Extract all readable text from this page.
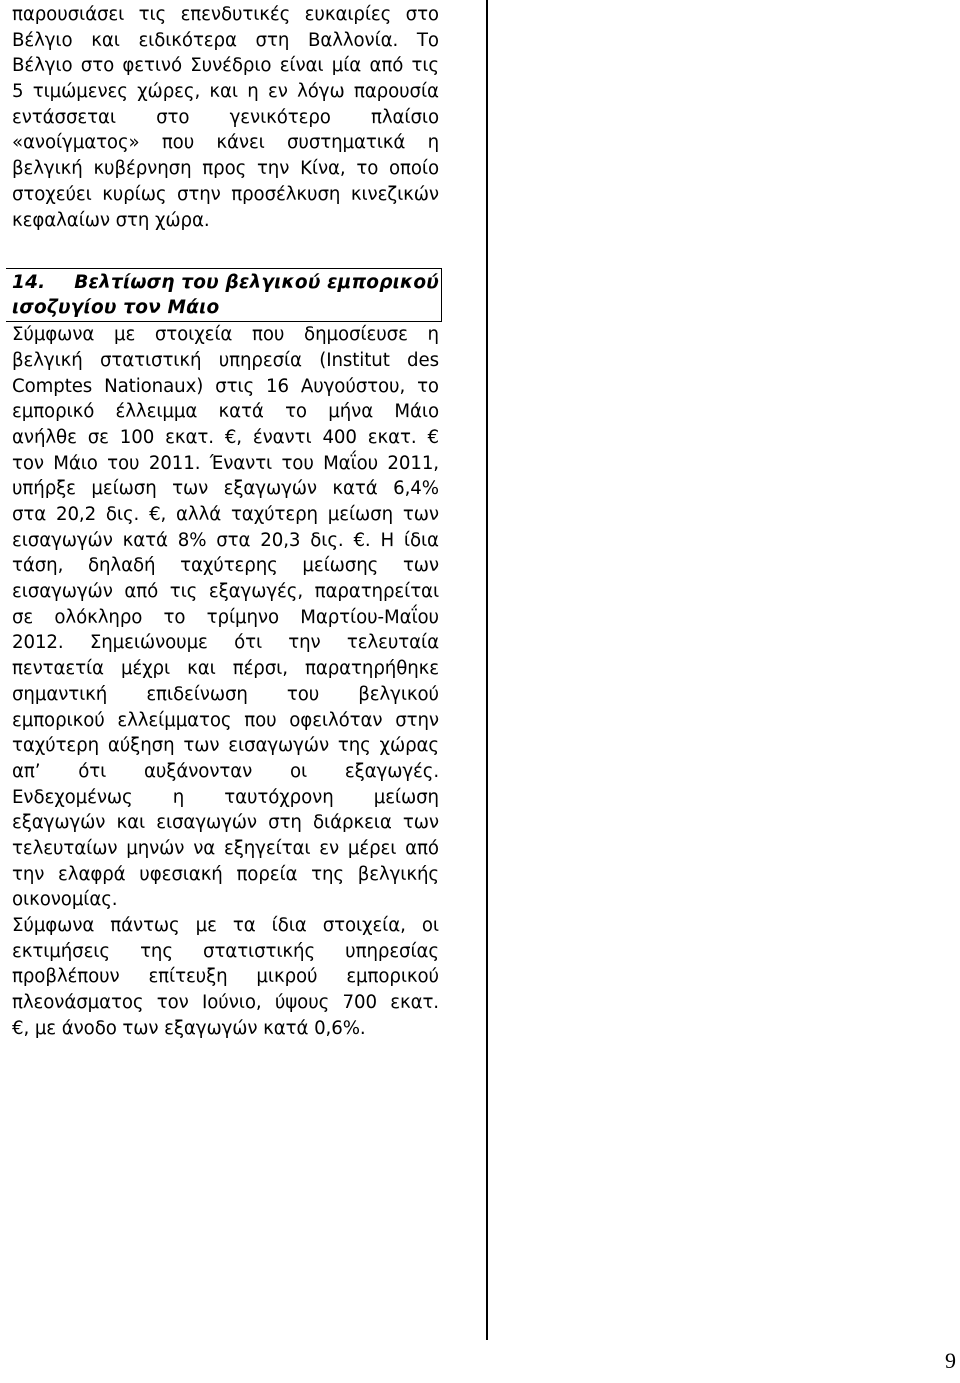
παρουσιάσει τις επενδυτικές ευκαιρίες στο
Βέλγιο και ειδικότερα στη Βαλλονία. Το
Βέλγιο στο φετινό Συνέδριο είναι μία από τις
5 τιμώμενες χώρες, και η εν λόγω παρουσία
εντάσσεται στο γενικότερο πλαίσιο
«ανοίγματος» που κάνει συστηματικά η
βελγική κυβέρνηση προς την Κίνα, το οποίο
στοχεύει κυρίως στην προσέλκυση κινεζικών
κεφαλαίων στη χώρα.
14. Βελτίωση του βελγικού εμπορικού
ισοζυγίου τον Μάιο
Σύμφωνα με στοιχεία που δημοσίευσε η
βελγική στατιστική υπηρεσία (Institut des
Comptes Nationaux) στις 16 Αυγούστου, το
εμπορικό έλλειμμα κατά το μήνα Μάιο
ανήλθε σε 100 εκατ. €, έναντι 400 εκατ. €
τον Μάιο του 2011. Έναντι του Μαΐου 2011,
υπήρξε μείωση των εξαγωγών κατά 6,4%
στα 20,2 δις. €, αλλά ταχύτερη μείωση των
εισαγωγών κατά 8% στα 20,3 δις. €. Η ίδια
τάση, δηλαδή ταχύτερης μείωσης των
εισαγωγών από τις εξαγωγές, παρατηρείται
σε ολόκληρο το τρίμηνο Μαρτίου-Μαΐου
2012. Σημειώνουμε ότι την τελευταία
πενταετία μέχρι και πέρσι, παρατηρήθηκε
σημαντική επιδείνωση του βελγικού
εμπορικού ελλείμματος που οφειλόταν στην
ταχύτερη αύξηση των εισαγωγών της χώρας
απ’ ότι αυξάνονταν οι εξαγωγές.
Ενδεχομένως η ταυτόχρονη μείωση
εξαγωγών και εισαγωγών στη διάρκεια των
τελευταίων μηνών να εξηγείται εν μέρει από
την ελαφρά υφεσιακή πορεία της βελγικής
οικονομίας.
Σύμφωνα πάντως με τα ίδια στοιχεία, οι
εκτιμήσεις της στατιστικής υπηρεσίας
προβλέπουν επίτευξη μικρού εμπορικού
πλεονάσματος τον Ιούνιο, ύψους 700 εκατ.
€, με άνοδο των εξαγωγών κατά 0,6%.
9
